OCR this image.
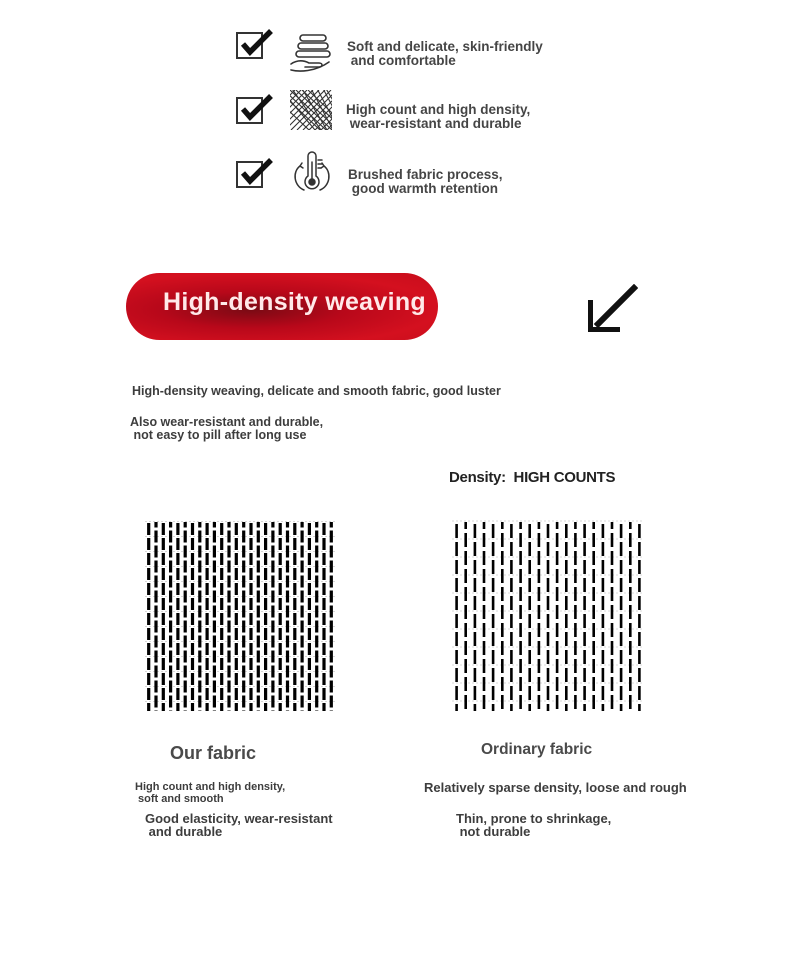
Soft and delicate, skin-friendly
and comfortable
High count and high density,
wear-resistant and durable
Brushed fabric process,
good warmth retention
High-density weaving
High-density weaving, delicate and smooth fabric, good luster
Also wear-resistant and durable,
not easy to pill after long use
Density: HIGH COUNTS
Our fabric
High count and high density,
soft and smooth
Good elasticity, wear-resistant
and durable
Ordinary fabric
Relatively sparse density, loose and rough
Thin, prone to shrinkage,
not durable
